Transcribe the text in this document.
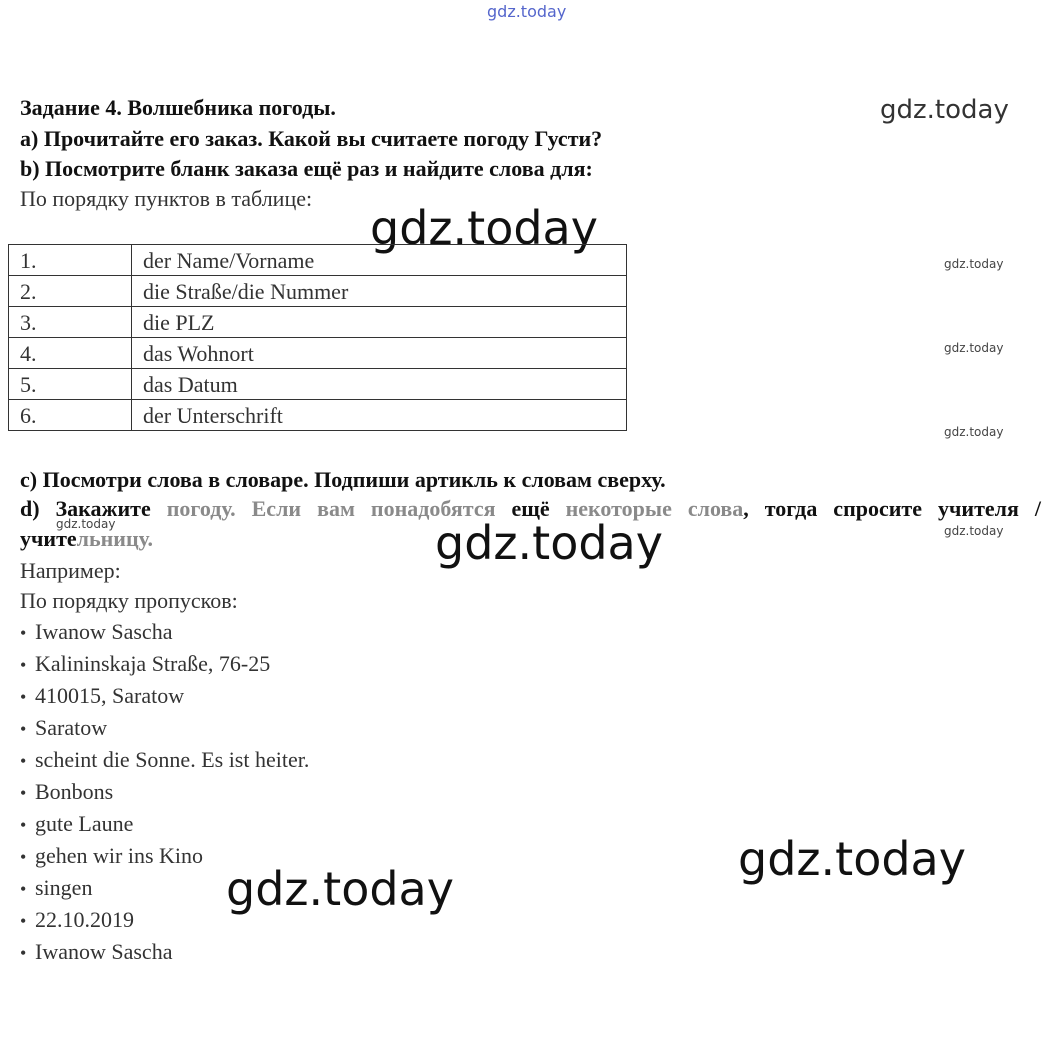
gdz.today
gdz.today
gdz.today
gdz.today
gdz.today
gdz.today
gdz.today
gdz.today	gdz.today
gdz.today
gdz.today
Задание 4. Волшебника погоды.
а) Прочитайте его заказ. Какой вы считаете погоду Густи?
b) Посмотрите бланк заказа ещё раз и найдите слова для:
По порядку пунктов в таблице:
1.	der Name/Vorname
2.	die Straße/die Nummer
3.	die PLZ
4.	das Wohnort
5.	das Datum
6.	der Unterschrift
с) Посмотри слова в словаре. Подпиши артикль к словам сверху.
d) Закажите погоду. Если вам понадобятся ещё некоторые слова, тогда спросите учителя / учительницу.
Например:
По порядку пропусков:
• Iwanow Sascha
• Kalininskaja Straße, 76-25
• 410015, Saratow
• Saratow
• scheint die Sonne. Es ist heiter.
• Bonbons
• gute Laune
• gehen wir ins Kino
• singen
• 22.10.2019
• Iwanow Sascha
